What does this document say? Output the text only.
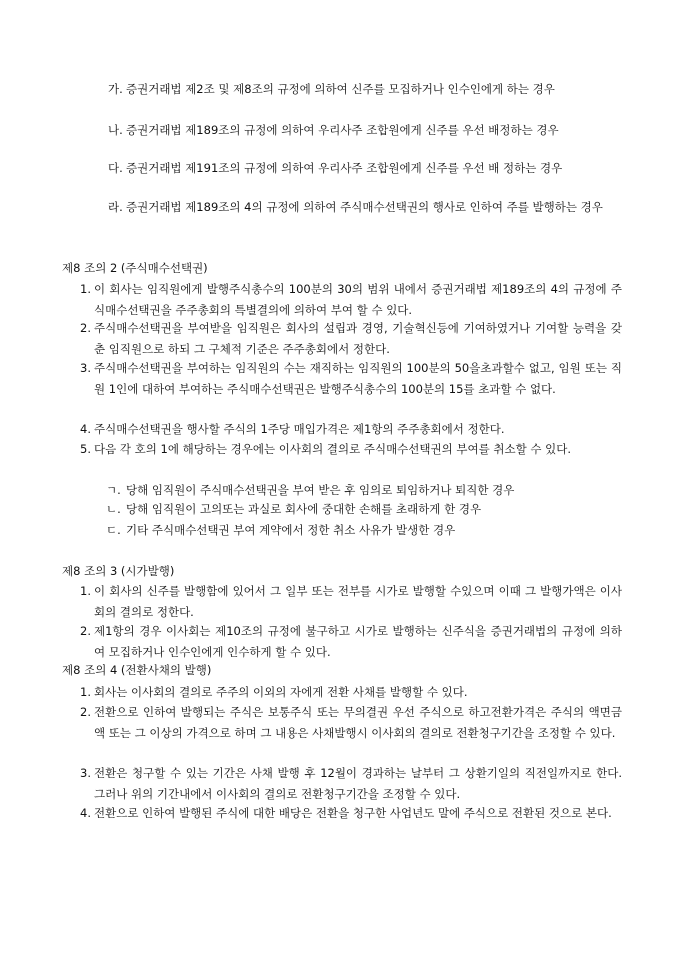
가. 증권거래법 제2조 및 제8조의 규정에 의하여 신주를 모집하거나 인수인에게 하는 경우
나. 증권거래법 제189조의 규정에 의하여 우리사주 조합원에게 신주를 우선 배정하는 경우
다. 증권거래법 제191조의 규정에 의하여 우리사주 조합원에게 신주를 우선 배 정하는 경우
라. 증권거래법 제189조의 4의 규정에 의하여 주식매수선택권의 행사로 인하여 주를 발행하는 경우
제8 조의 2 (주식매수선택권)
1. 이 회사는 임직원에게 발행주식총수의 100분의 30의 범위 내에서 증권거래법 제189조의 4의 규정에 주식매수선택권을 주주총회의 특별결의에 의하여 부여 할 수 있다.
2. 주식매수선택권을 부여받을 임직원은 회사의 설립과 경영, 기술혁신등에 기여하였거나 기여할 능력을 갖춘 임직원으로 하되 그 구체적 기준은 주주총회에서 정한다.
3. 주식매수선택권을 부여하는 임직원의 수는 재직하는 임직원의 100분의 50을초과할수 없고, 임원 또는 직원 1인에 대하여 부여하는 주식매수선택권은 발행주식총수의 100분의 15를 초과할 수 없다.
4. 주식매수선택권을 행사할 주식의 1주당 매입가격은 제1항의 주주총회에서 정한다.
5. 다음 각 호의 1에 해당하는 경우에는 이사회의 결의로 주식매수선택권의 부여를 취소할 수 있다.
ㄱ. 당해 임직원이 주식매수선택권을 부여 받은 후 임의로 퇴임하거나 퇴직한 경우
ㄴ. 당해 임직원이 고의또는 과실로 회사에 중대한 손해를 초래하게 한 경우
ㄷ. 기타 주식매수선택권 부여 계약에서 정한 취소 사유가 발생한 경우
제8 조의 3 (시가발행)
1. 이 회사의 신주를 발행함에 있어서 그 일부 또는 전부를 시가로 발행할 수있으며 이때 그 발행가액은 이사회의 결의로 정한다.
2. 제1항의 경우 이사회는 제10조의 규정에 불구하고 시가로 발행하는 신주식을 증권거래법의 규정에 의하여 모집하거나 인수인에게 인수하게 할 수 있다.
제8 조의 4 (전환사채의 발행)
1. 회사는 이사회의 결의로 주주의 이외의 자에게 전환 사채를 발행할 수 있다.
2. 전환으로 인하여 발행되는 주식은 보통주식 또는 무의결권 우선 주식으로 하고전환가격은 주식의 액면금액 또는 그 이상의 가격으로 하며 그 내용은 사채발행시 이사회의 결의로 전환청구기간을 조정할 수 있다.
3. 전환은 청구할 수 있는 기간은 사채 발행 후 12월이 경과하는 날부터 그 상환기일의 직전일까지로 한다. 그러나 위의 기간내에서 이사회의 결의로 전환청구기간을 조정할 수 있다.
4. 전환으로 인하여 발행된 주식에 대한 배당은 전환을 청구한 사업년도 말에 주식으로 전환된 것으로 본다.
